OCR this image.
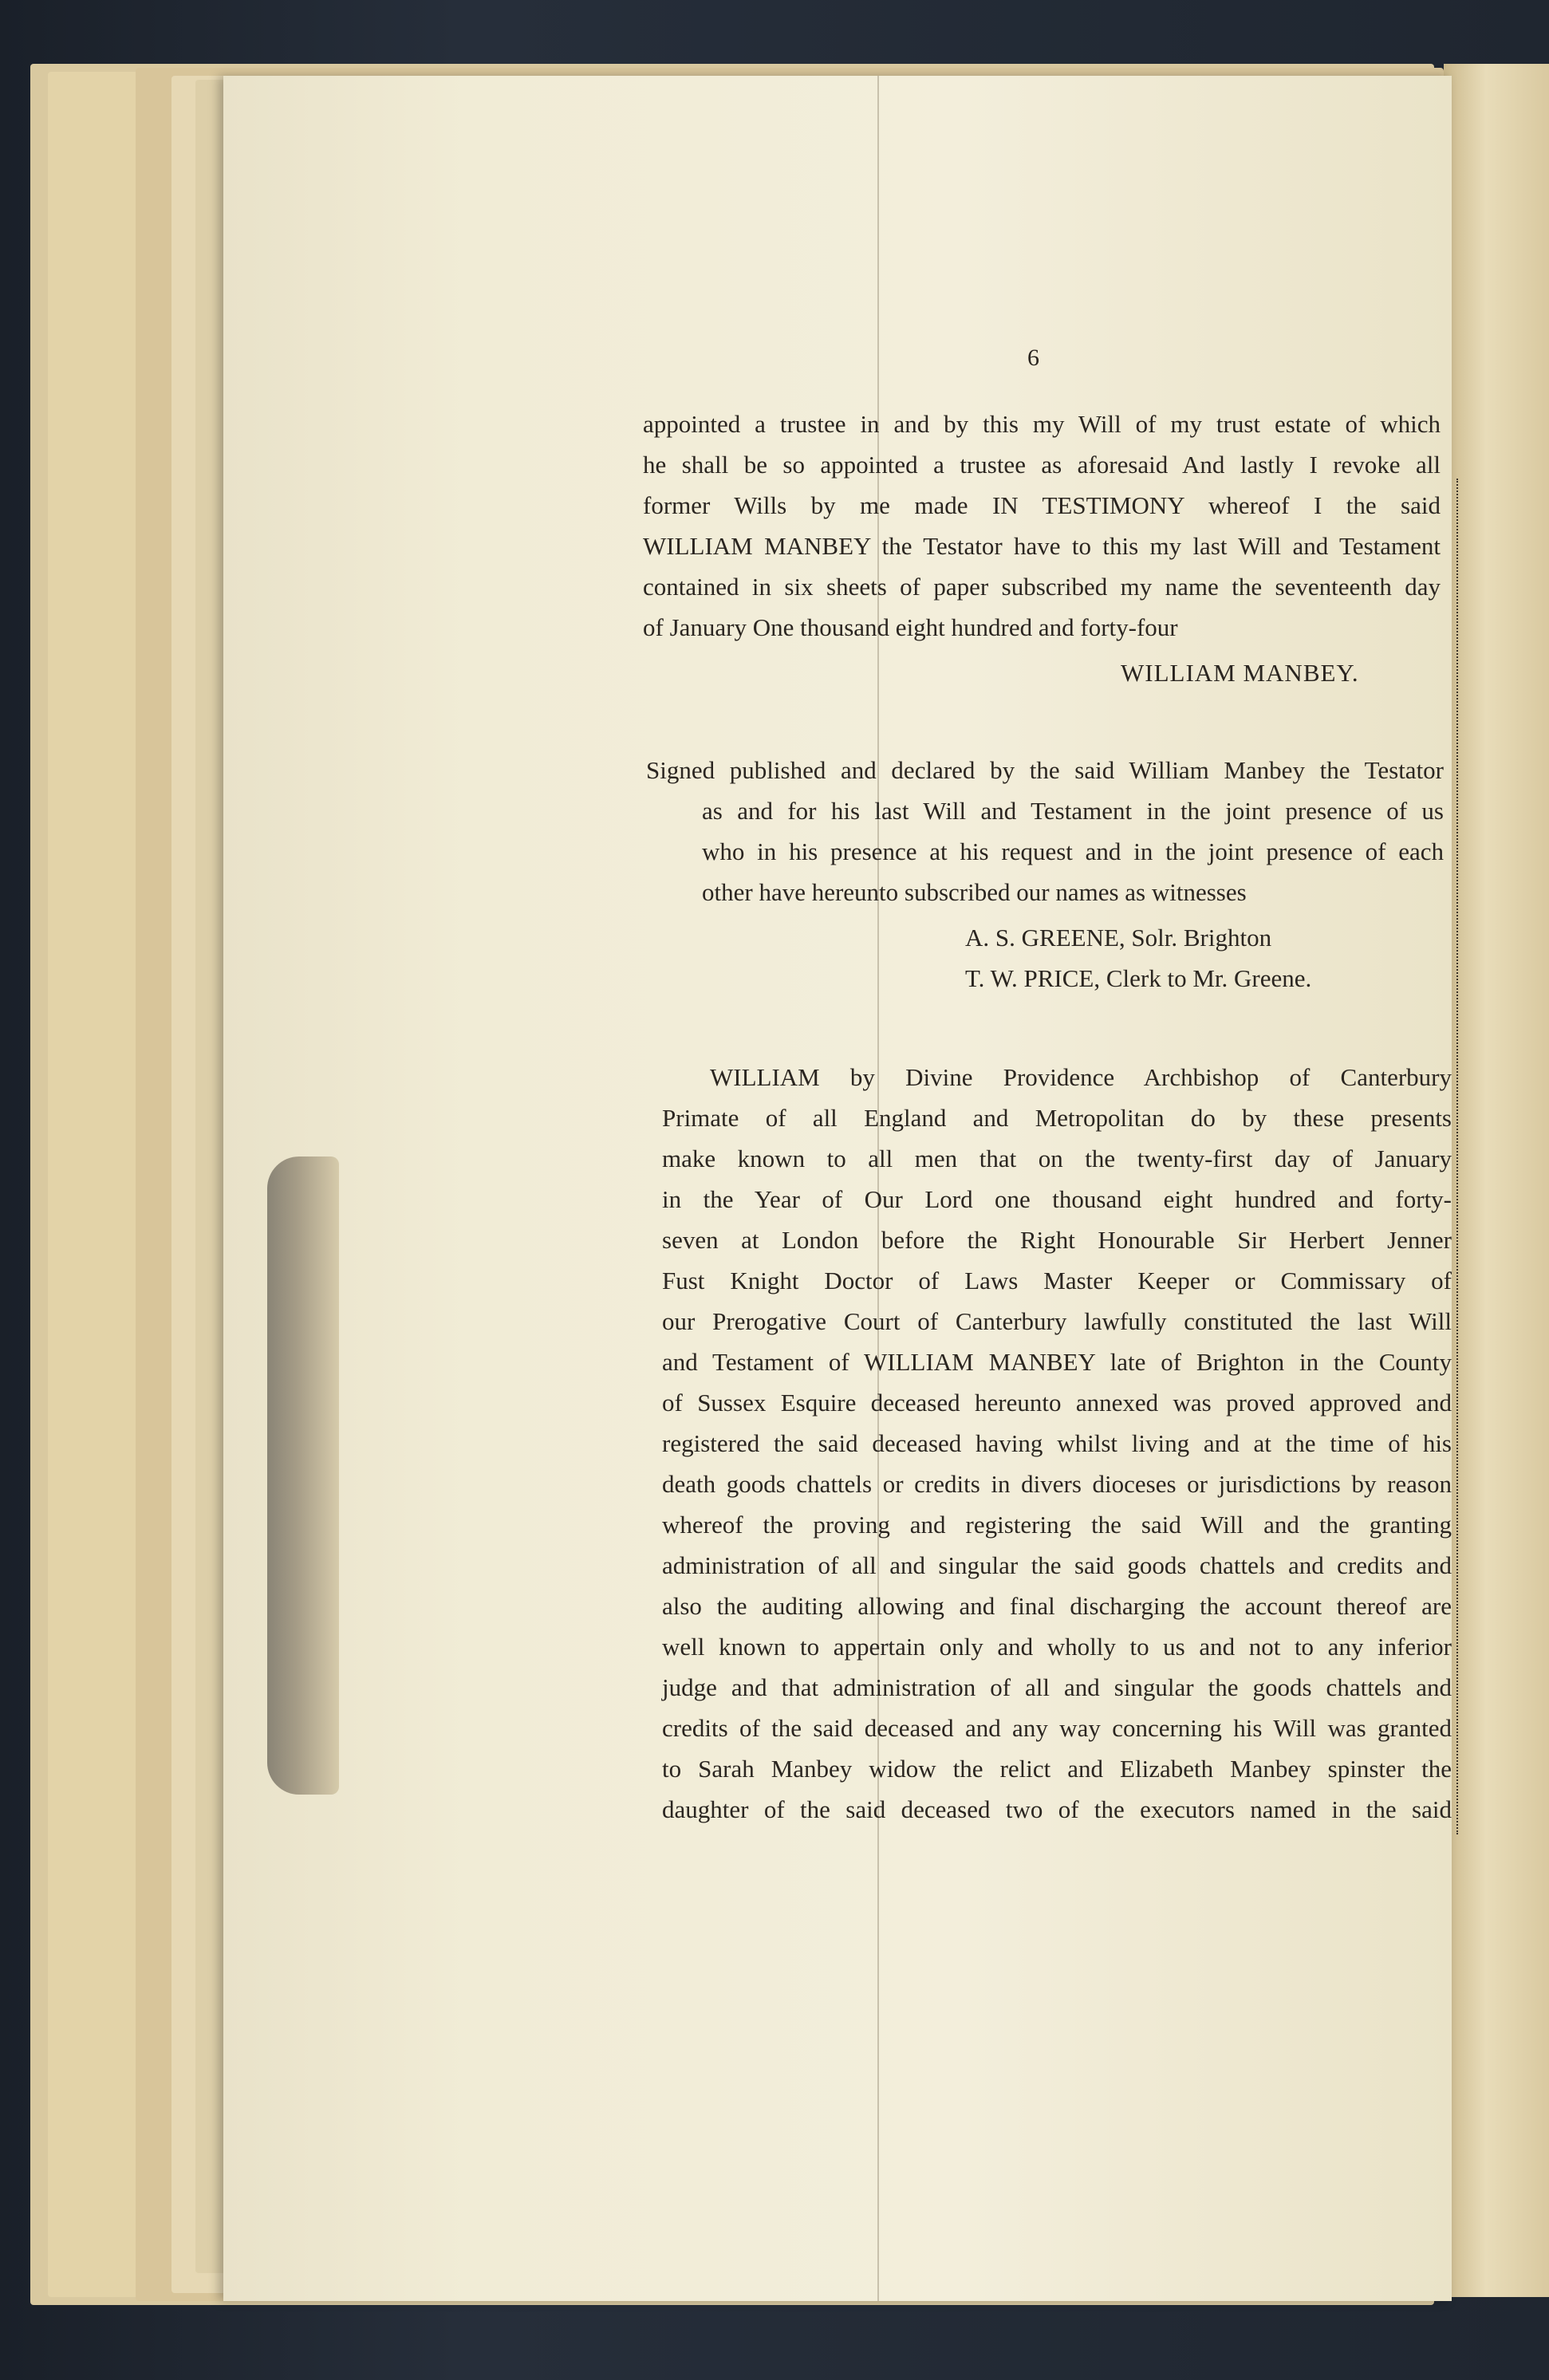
6
appointed a trustee in and by this my Will of my trust estate of which
he shall be so appointed a trustee as aforesaid And lastly I revoke all
former Wills by me made IN TESTIMONY whereof I the said
WILLIAM MANBEY the Testator have to this my last Will and Testament
contained in six sheets of paper subscribed my name the seventeenth day
of January One thousand eight hundred and forty-four
WILLIAM MANBEY.
Signed published and declared by the said William Manbey the Testator
as and for his last Will and Testament in the joint presence of us
who in his presence at his request and in the joint presence of each
other have hereunto subscribed our names as witnesses
A. S. GREENE, Solr. Brighton
T. W. PRICE, Clerk to Mr. Greene.
WILLIAM by Divine Providence Archbishop of Canterbury
Primate of all England and Metropolitan do by these presents
make known to all men that on the twenty-first day of January
in the Year of Our Lord one thousand eight hundred and forty-
seven at London before the Right Honourable Sir Herbert Jenner
Fust Knight Doctor of Laws Master Keeper or Commissary of
our Prerogative Court of Canterbury lawfully constituted the last Will
and Testament of WILLIAM MANBEY late of Brighton in the County
of Sussex Esquire deceased hereunto annexed was proved approved and
registered the said deceased having whilst living and at the time of his
death goods chattels or credits in divers dioceses or jurisdictions by reason
whereof the proving and registering the said Will and the granting
administration of all and singular the said goods chattels and credits and
also the auditing allowing and final discharging the account thereof are
well known to appertain only and wholly to us and not to any inferior
judge and that administration of all and singular the goods chattels and
credits of the said deceased and any way concerning his Will was granted
to Sarah Manbey widow the relict and Elizabeth Manbey spinster the
daughter of the said deceased two of the executors named in the said
